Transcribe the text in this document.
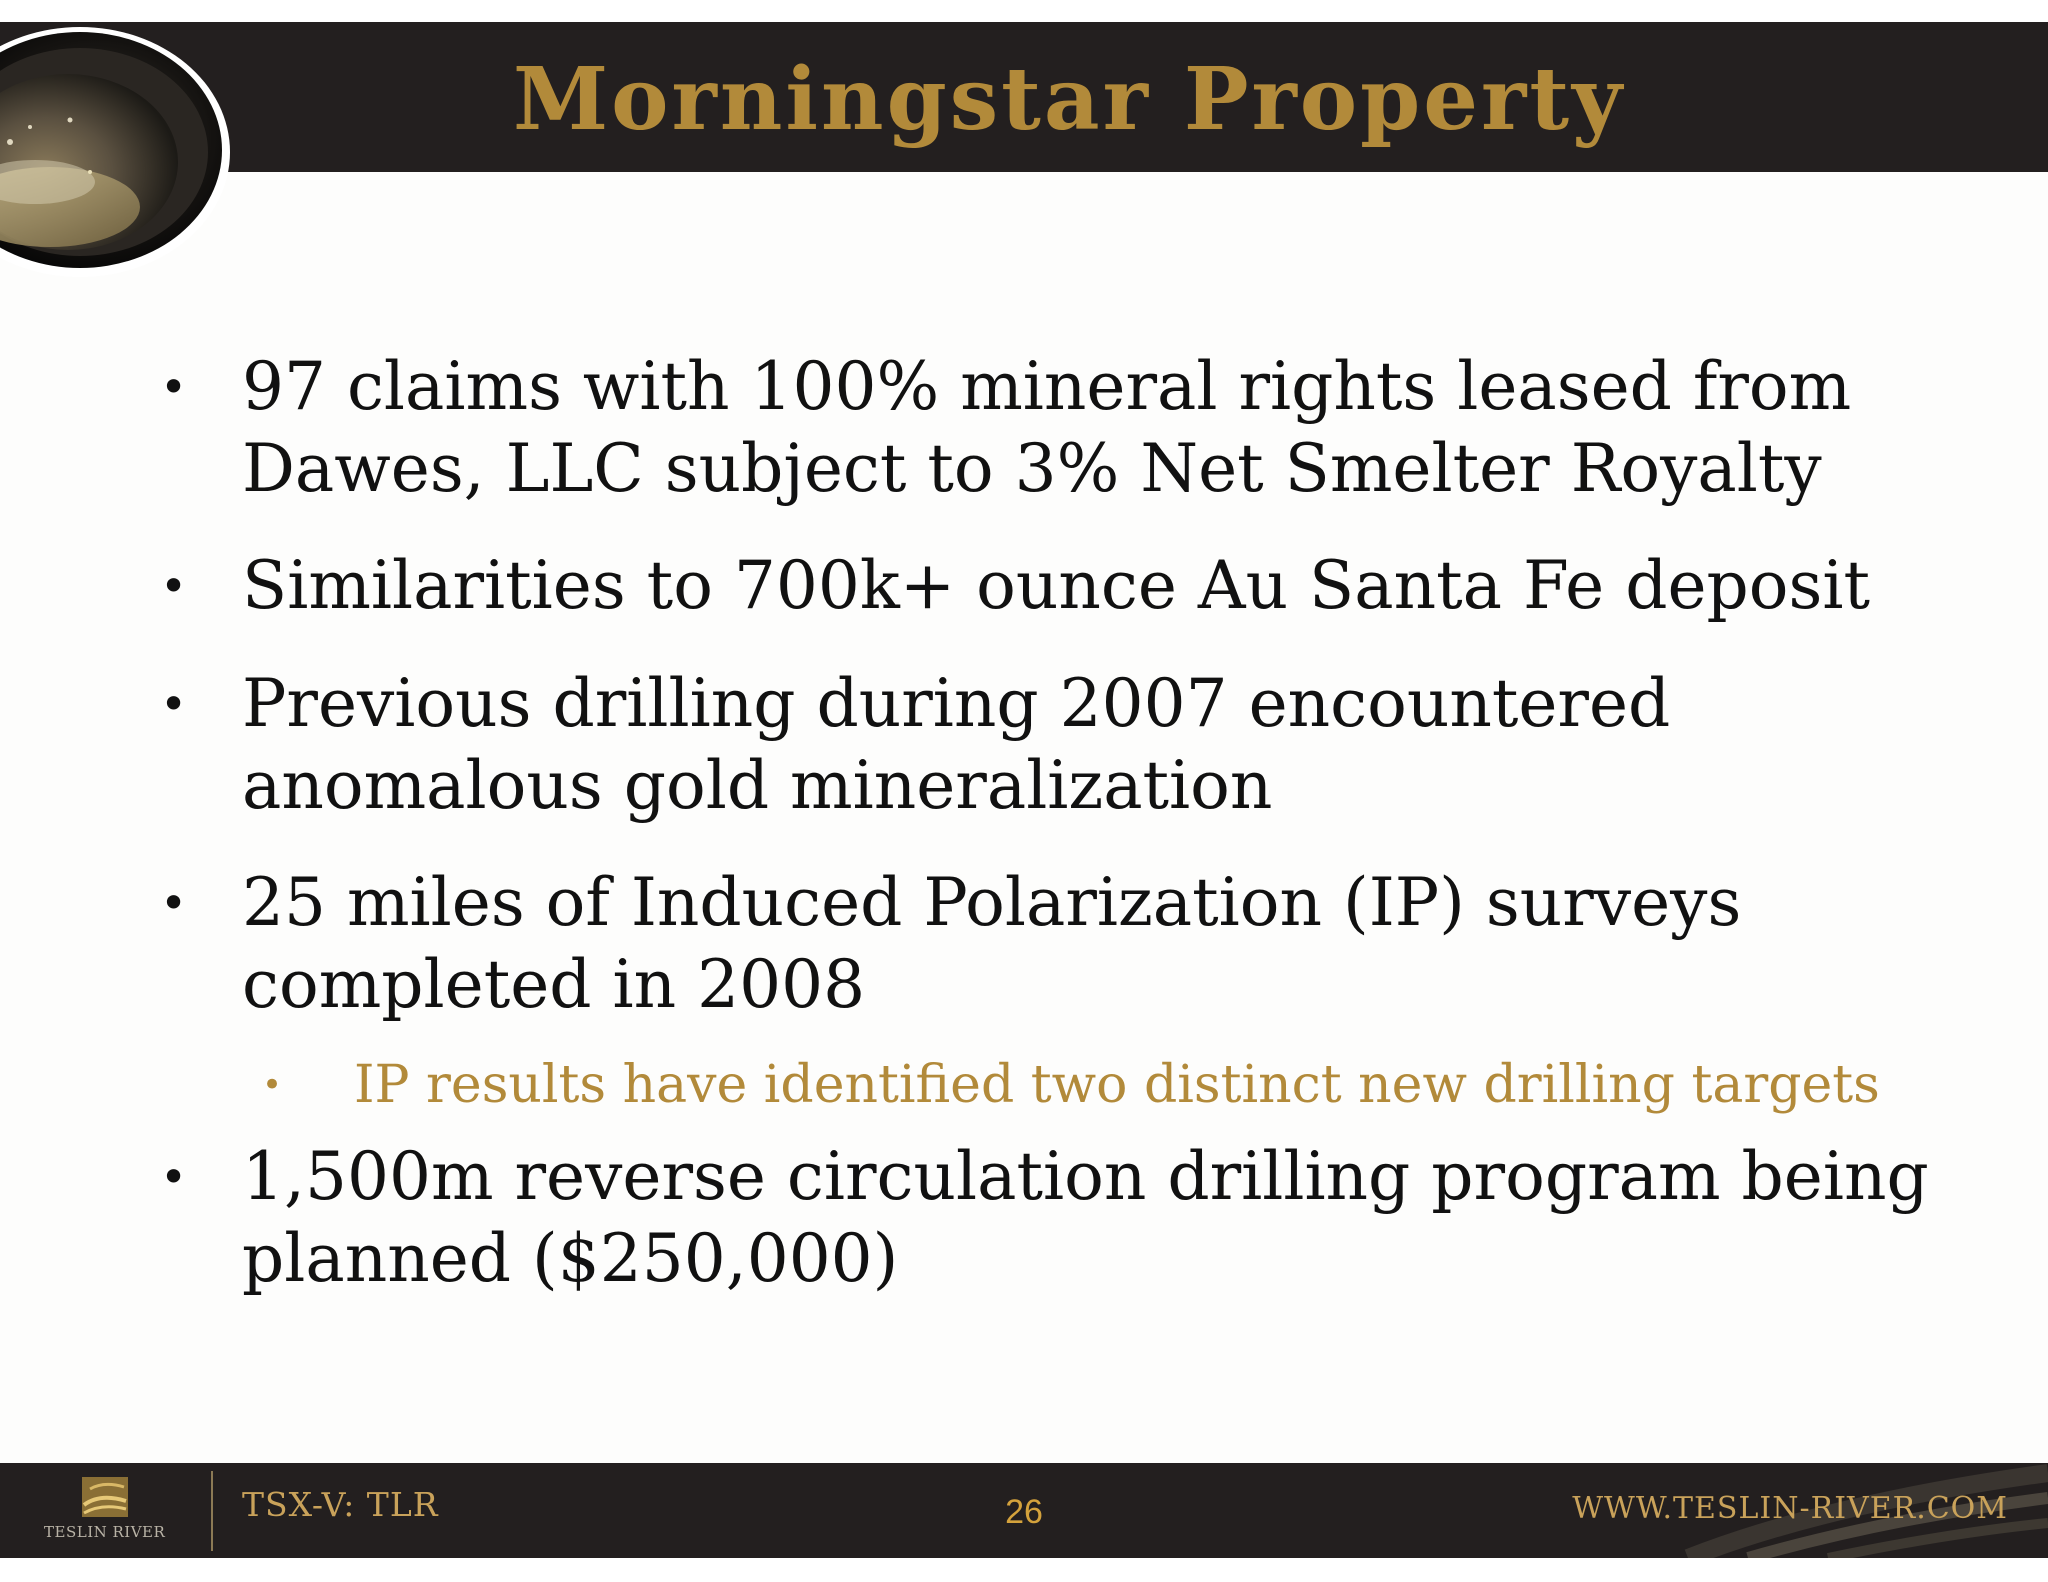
Morningstar Property
• 97 claims with 100% mineral rights leased from
Dawes, LLC subject to 3% Net Smelter Royalty
• Similarities to 700k+ ounce Au Santa Fe deposit
• Previous drilling during 2007 encountered
anomalous gold mineralization
• 25 miles of Induced Polarization (IP) surveys
completed in 2008
•	IP results have identified two distinct new drilling targets
• 1,500m reverse circulation drilling program being
planned ($250,000)
TESLIN RIVER
TSX-V: TLR	26	WWW.TESLIN-RIVER.COM
